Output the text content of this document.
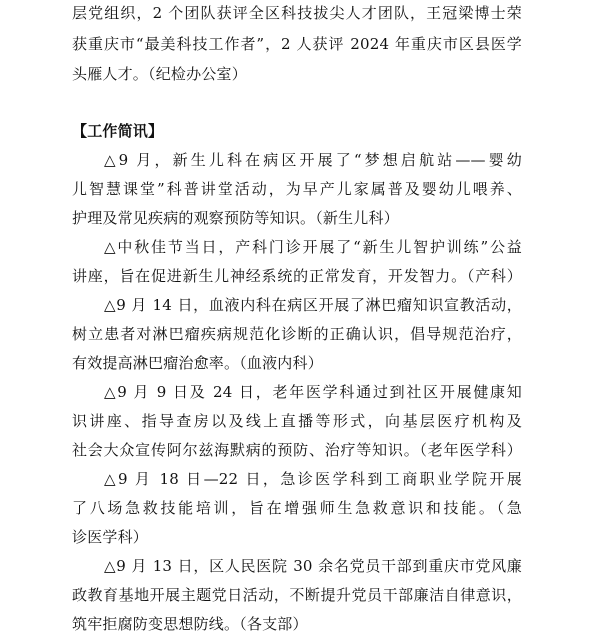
层党组织，2 个团队获评全区科技拔尖人才团队，王冠梁博士荣
获重庆市“最美科技工作者”，2 人获评 2024 年重庆市区县医学
头雁人才。（纪检办公室）
【工作简讯】
△9 月，新生儿科在病区开展了“梦想启航站——婴幼
儿智慧课堂”科普讲堂活动，为早产儿家属普及婴幼儿喂养、
护理及常见疾病的观察预防等知识。（新生儿科）
△中秋佳节当日，产科门诊开展了“新生儿智护训练”公益
讲座，旨在促进新生儿神经系统的正常发育，开发智力。（产科）
△9 月 14 日，血液内科在病区开展了淋巴瘤知识宣教活动，
树立患者对淋巴瘤疾病规范化诊断的正确认识，倡导规范治疗，
有效提高淋巴瘤治愈率。（血液内科）
△9 月 9 日及 24 日，老年医学科通过到社区开展健康知
识讲座、指导查房以及线上直播等形式，向基层医疗机构及
社会大众宣传阿尔兹海默病的预防、治疗等知识。（老年医学科）
△9 月 18 日—22 日，急诊医学科到工商职业学院开展
了八场急救技能培训，旨在增强师生急救意识和技能。（急
诊医学科）
△9 月 13 日，区人民医院 30 余名党员干部到重庆市党风廉
政教育基地开展主题党日活动，不断提升党员干部廉洁自律意识，
筑牢拒腐防变思想防线。（各支部）
